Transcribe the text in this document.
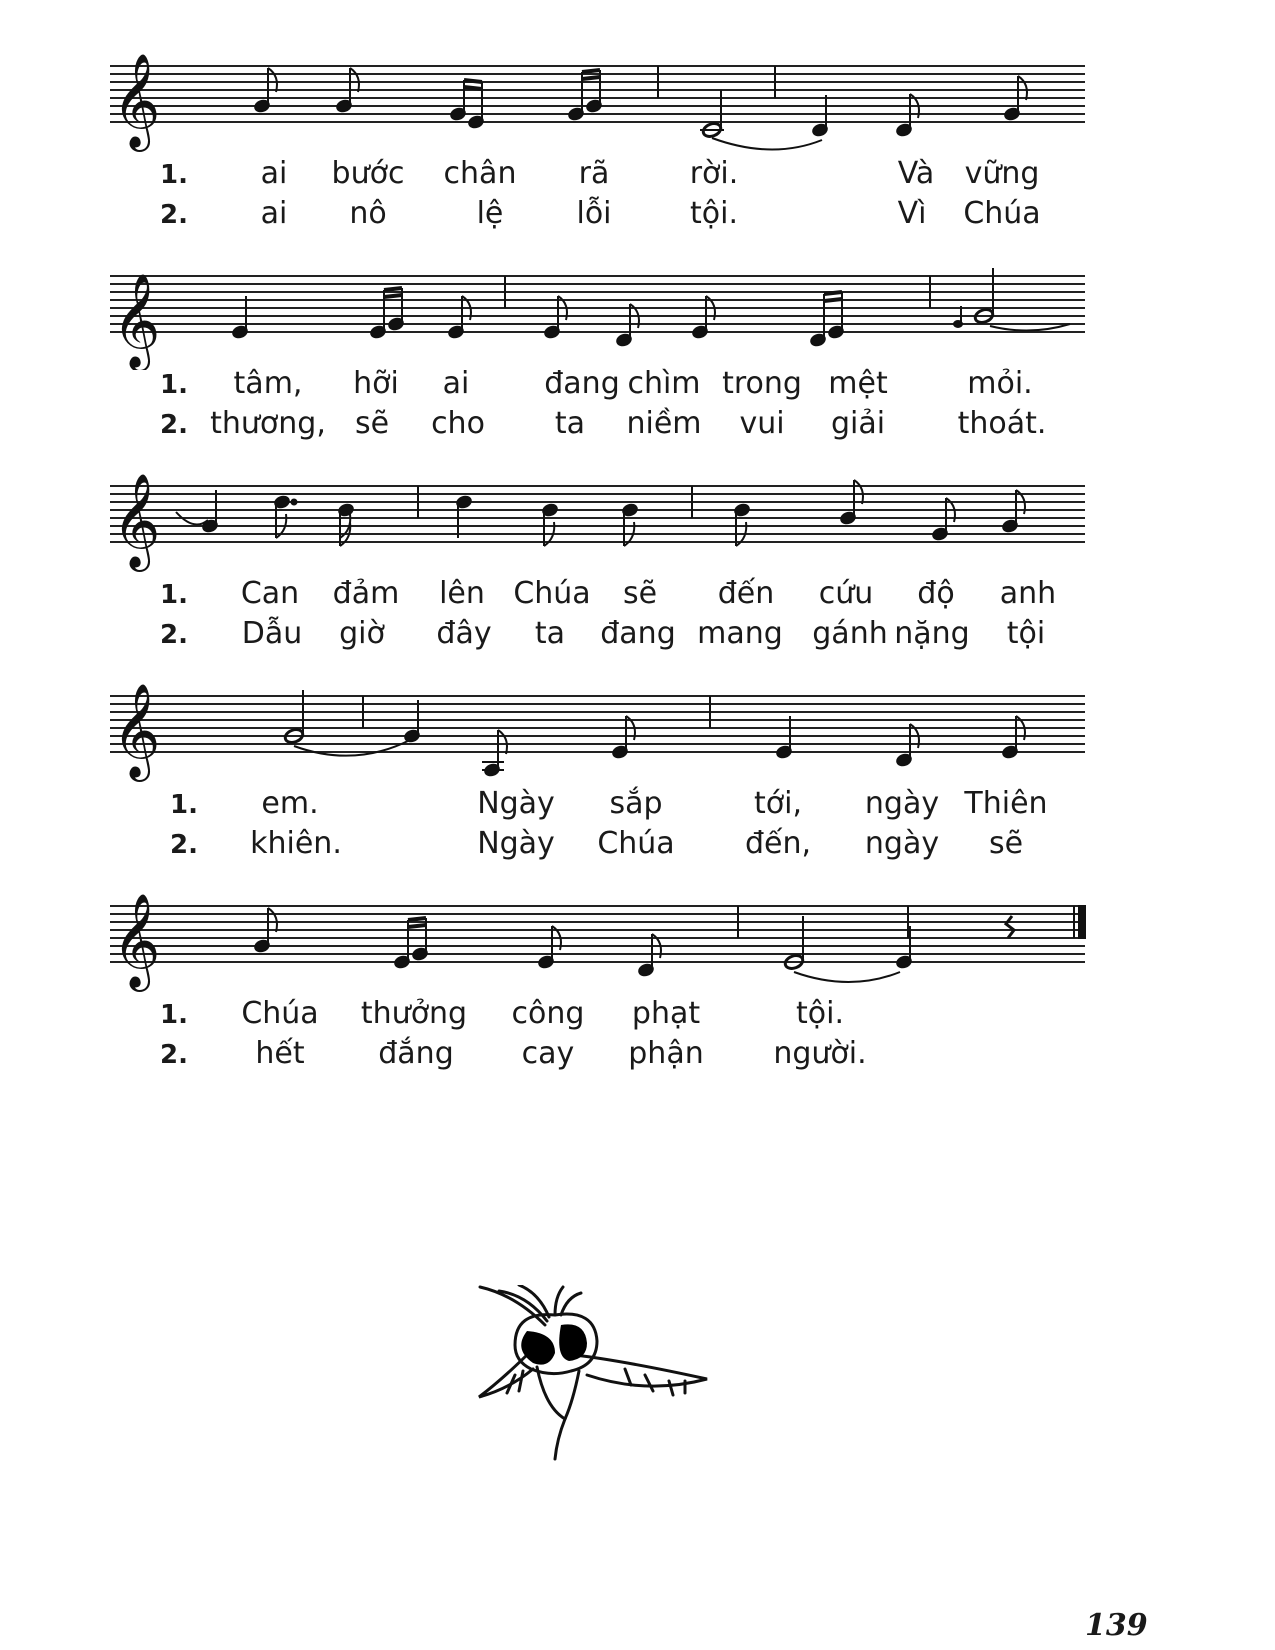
𝄞
1. ai bước chân rã	rời.	Và vững
2. ai nô	lệ lỗi	tội.	Vì Chúa
𝄞
1. tâm, hỡi ai đang chìm trong mệt	mỏi.
2. thương, sẽ cho ta niềm vui giải thoát.
𝄞
1. Can đảm lên Chúa sẽ đến cứu độ anh
2. Dẫu giờ đây ta đang mang gánh nặng tội
𝄞
1. em.	Ngày sắp	tới, ngày Thiên
2. khiên.	Ngày Chúa đến, ngày sẽ
𝄞
1. Chúa thưởng công phạt	tội.
2. hết đắng cay phận người.
139
